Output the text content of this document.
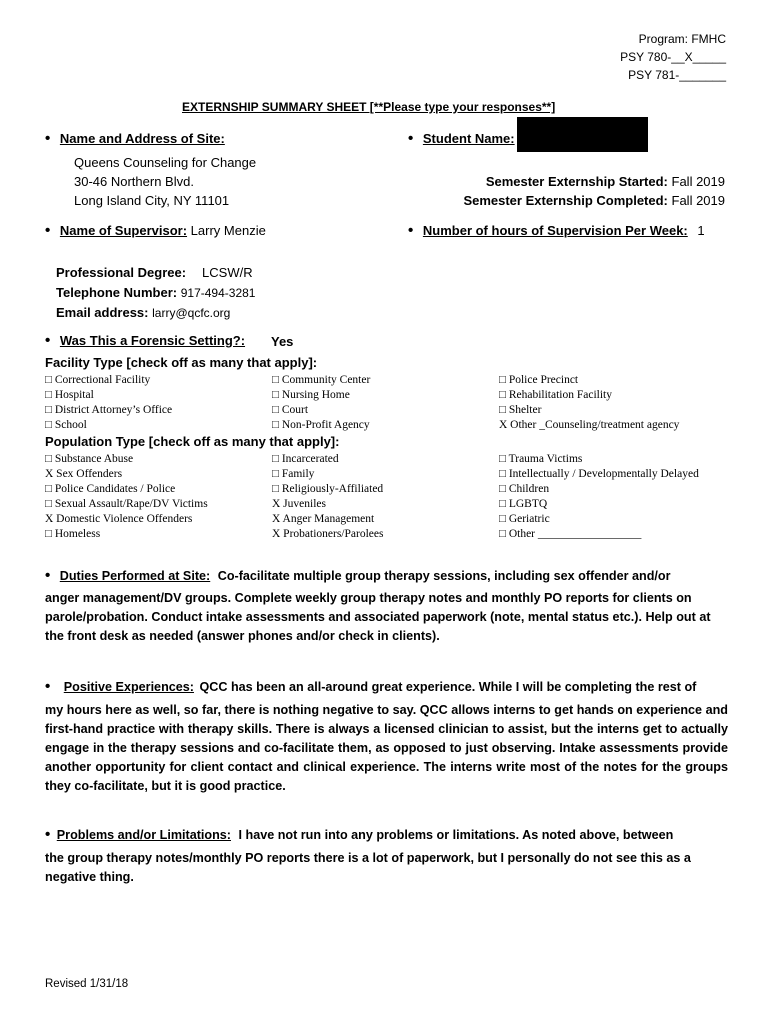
Program: FMHC
PSY 780-__X_____
PSY 781-_______
EXTERNSHIP SUMMARY SHEET [**Please type your responses**]
• Name and Address of Site:
Queens Counseling for Change
30-46 Northern Blvd.
Long Island City, NY 11101
• Student Name:
Semester Externship Started: Fall 2019
Semester Externship Completed: Fall 2019
• Name of Supervisor: Larry Menzie	• Number of hours of Supervision Per Week: 1
Professional Degree: LCSW/R
Telephone Number: 917-494-3281
Email address: larry@qcfc.org
• Was This a Forensic Setting?: Yes
Facility Type [check off as many that apply]:
□ Correctional Facility
□ Hospital
□ District Attorney’s Office
□ School
□ Community Center
□ Nursing Home
□ Court
□ Non-Profit Agency
□ Police Precinct
□ Rehabilitation Facility
□ Shelter
X Other _Counseling/treatment agency
Population Type [check off as many that apply]:
□ Substance Abuse
X Sex Offenders
□ Police Candidates / Police
□ Sexual Assault/Rape/DV Victims
X Domestic Violence Offenders
□ Homeless
□ Incarcerated
□ Family
□ Religiously-Affiliated
X Juveniles
X Anger Management
X Probationers/Parolees
□ Trauma Victims
□ Intellectually / Developmentally Delayed
□ Children
□ LGBTQ
□ Geriatric
□ Other __________________
• Duties Performed at Site: Co-facilitate multiple group therapy sessions, including sex offender and/or
anger management/DV groups. Complete weekly group therapy notes and monthly PO reports for clients on parole/probation. Conduct intake assessments and associated paperwork (note, mental status etc.). Help out at the front desk as needed (answer phones and/or check in clients).
• Positive Experiences: QCC has been an all-around great experience. While I will be completing the rest of
my hours here as well, so far, there is nothing negative to say. QCC allows interns to get hands on experience and first-hand practice with therapy skills. There is always a licensed clinician to assist, but the interns get to actually engage in the therapy sessions and co-facilitate them, as opposed to just observing. Intake assessments provide another opportunity for client contact and clinical experience. The interns write most of the notes for the groups they co-facilitate, but it is good practice.
• Problems and/or Limitations: I have not run into any problems or limitations. As noted above, between
the group therapy notes/monthly PO reports there is a lot of paperwork, but I personally do not see this as a negative thing.
Revised 1/31/18
